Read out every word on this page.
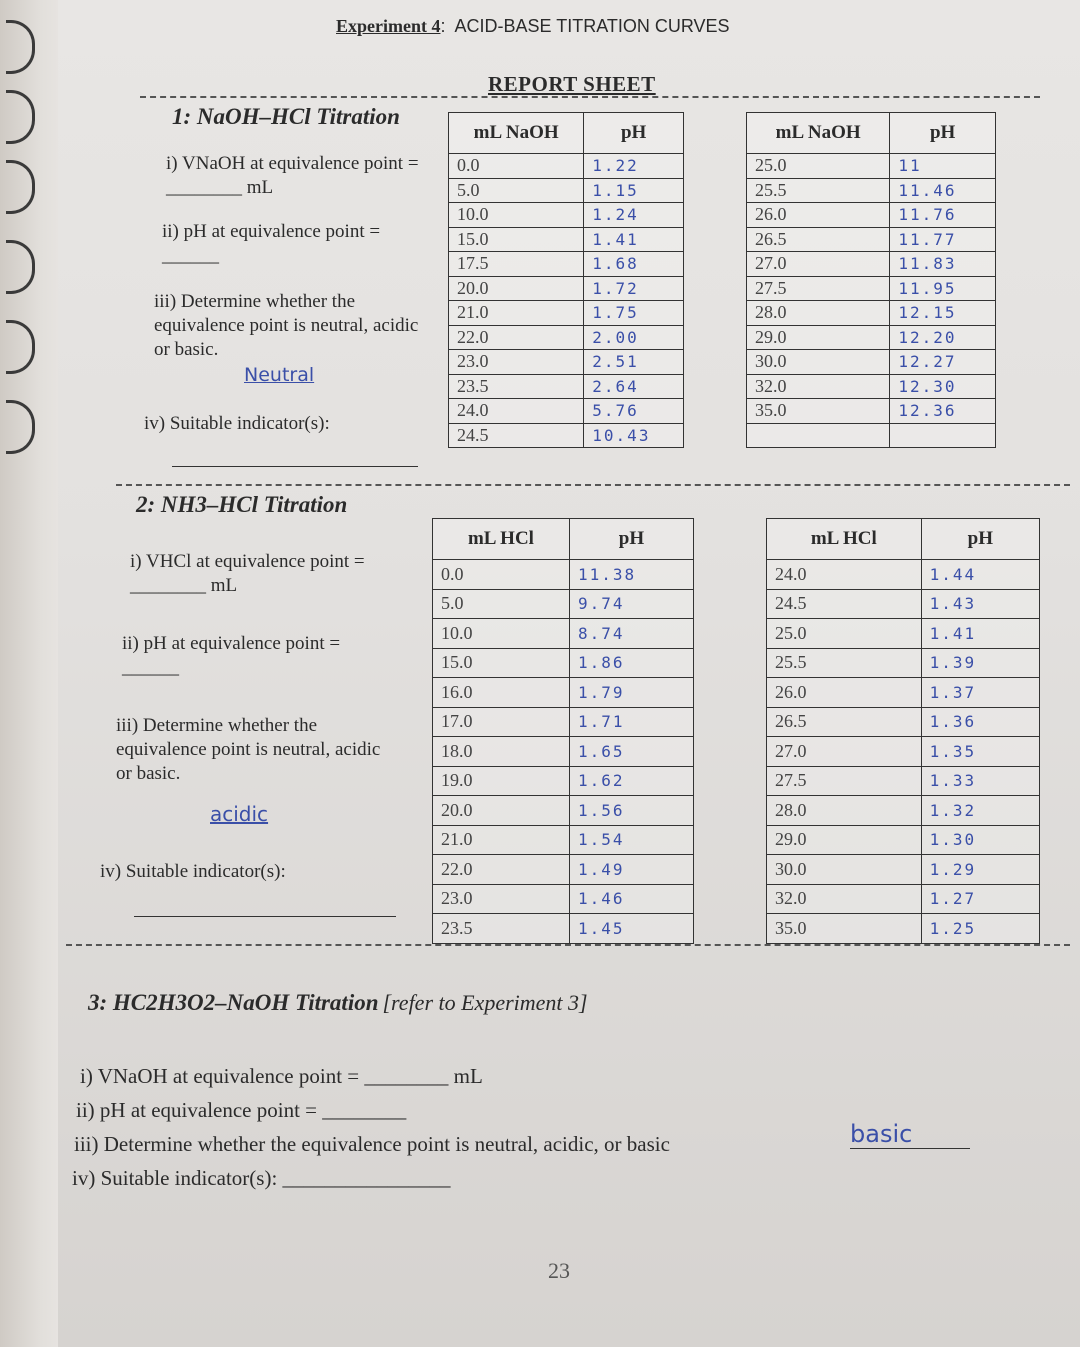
Experiment 4:  ACID-BASE TITRATION CURVES
REPORT SHEET
1: NaOH–HCl Titration
i) VNaOH at equivalence point = ________ mL
ii) pH at equivalence point = ______
iii) Determine whether the equivalence point is neutral, acidic or basic.
Neutral
iv) Suitable indicator(s):
mL NaOH	pH
0.0	1.22
5.0	1.15
10.0	1.24
15.0	1.41
17.5	1.68
20.0	1.72
21.0	1.75
22.0	2.00
23.0	2.51
23.5	2.64
24.0	5.76
24.5	10.43
mL NaOH	pH
25.0	11
25.5	11.46
26.0	11.76
26.5	11.77
27.0	11.83
27.5	11.95
28.0	12.15
29.0	12.20
30.0	12.27
32.0	12.30
35.0	12.36

2: NH3–HCl Titration
i) VHCl at equivalence point = ________ mL
ii) pH at equivalence point = ______
iii) Determine whether the equivalence point is neutral, acidic or basic.
acidic
iv) Suitable indicator(s):
mL HCl	pH
0.0	11.38
5.0	9.74
10.0	8.74
15.0	1.86
16.0	1.79
17.0	1.71
18.0	1.65
19.0	1.62
20.0	1.56
21.0	1.54
22.0	1.49
23.0	1.46
23.5	1.45
mL HCl	pH
24.0	1.44
24.5	1.43
25.0	1.41
25.5	1.39
26.0	1.37
26.5	1.36
27.0	1.35
27.5	1.33
28.0	1.32
29.0	1.30
30.0	1.29
32.0	1.27
35.0	1.25
3: HC2H3O2–NaOH Titration [refer to Experiment 3]
i) VNaOH at equivalence point = ________ mL
ii) pH at equivalence point = ________
iii) Determine whether the equivalence point is neutral, acidic, or basic	basic
iv) Suitable indicator(s): ________________
23
